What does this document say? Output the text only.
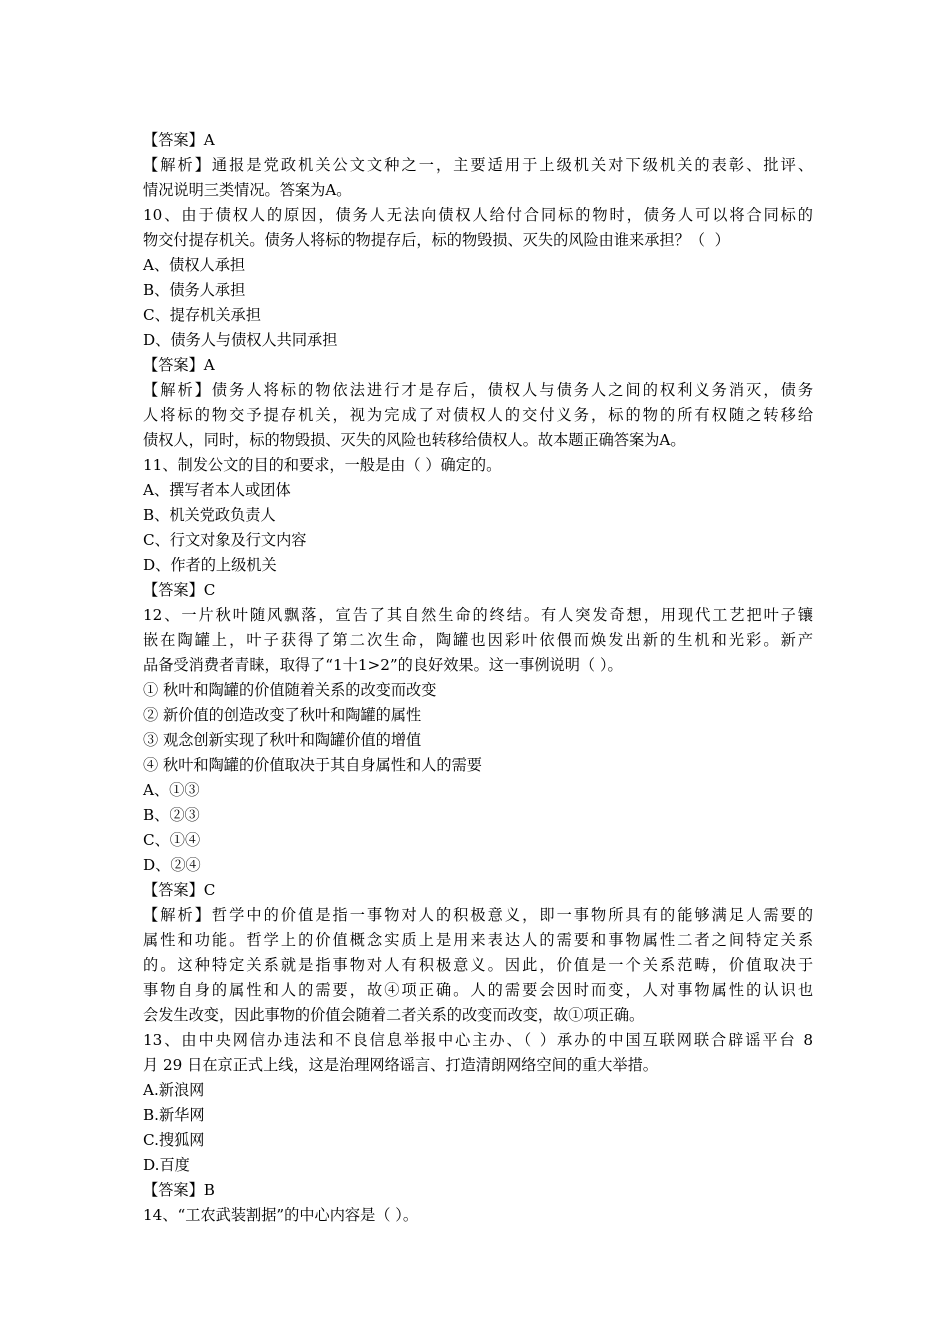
【答案】A
【解析】通报是党政机关公文文种之一，主要适用于上级机关对下级机关的表彰、批评、
情况说明三类情况。答案为A。
10、由于债权人的原因，债务人无法向债权人给付合同标的物时，债务人可以将合同标的
物交付提存机关。债务人将标的物提存后，标的物毁损、灭失的风险由谁来承担？（  ）
A、债权人承担
B、债务人承担
C、提存机关承担
D、债务人与债权人共同承担
【答案】A
【解析】债务人将标的物依法进行才是存后，债权人与债务人之间的权利义务消灭，债务
人将标的物交予提存机关，视为完成了对债权人的交付义务，标的物的所有权随之转移给
债权人，同时，标的物毁损、灭失的风险也转移给债权人。故本题正确答案为A。
11、制发公文的目的和要求，一般是由（ ）确定的。
A、撰写者本人或团体
B、机关党政负责人
C、行文对象及行文内容
D、作者的上级机关
【答案】C
12、一片秋叶随风飘落，宣告了其自然生命的终结。有人突发奇想，用现代工艺把叶子镶
嵌在陶罐上，叶子获得了第二次生命，陶罐也因彩叶依偎而焕发出新的生机和光彩。新产
品备受消费者青睐，取得了“1十1>2”的良好效果。这一事例说明（ ）。
① 秋叶和陶罐的价值随着关系的改变而改变
② 新价值的创造改变了秋叶和陶罐的属性
③ 观念创新实现了秋叶和陶罐价值的增值
④ 秋叶和陶罐的价值取决于其自身属性和人的需要
A、①③
B、②③
C、①④
D、②④
【答案】C
【解析】哲学中的价值是指一事物对人的积极意义，即一事物所具有的能够满足人需要的
属性和功能。哲学上的价值概念实质上是用来表达人的需要和事物属性二者之间特定关系
的。这种特定关系就是指事物对人有积极意义。因此，价值是一个关系范畴，价值取决于
事物自身的属性和人的需要，故④项正确。人的需要会因时而变，人对事物属性的认识也
会发生改变，因此事物的价值会随着二者关系的改变而改变，故①项正确。
13、由中央网信办违法和不良信息举报中心主办、（ ）承办的中国互联网联合辟谣平台 8
月 29 日在京正式上线，这是治理网络谣言、打造清朗网络空间的重大举措。
A.新浪网
B.新华网
C.搜狐网
D.百度
【答案】B
14、“工农武装割据”的中心内容是（ ）。
